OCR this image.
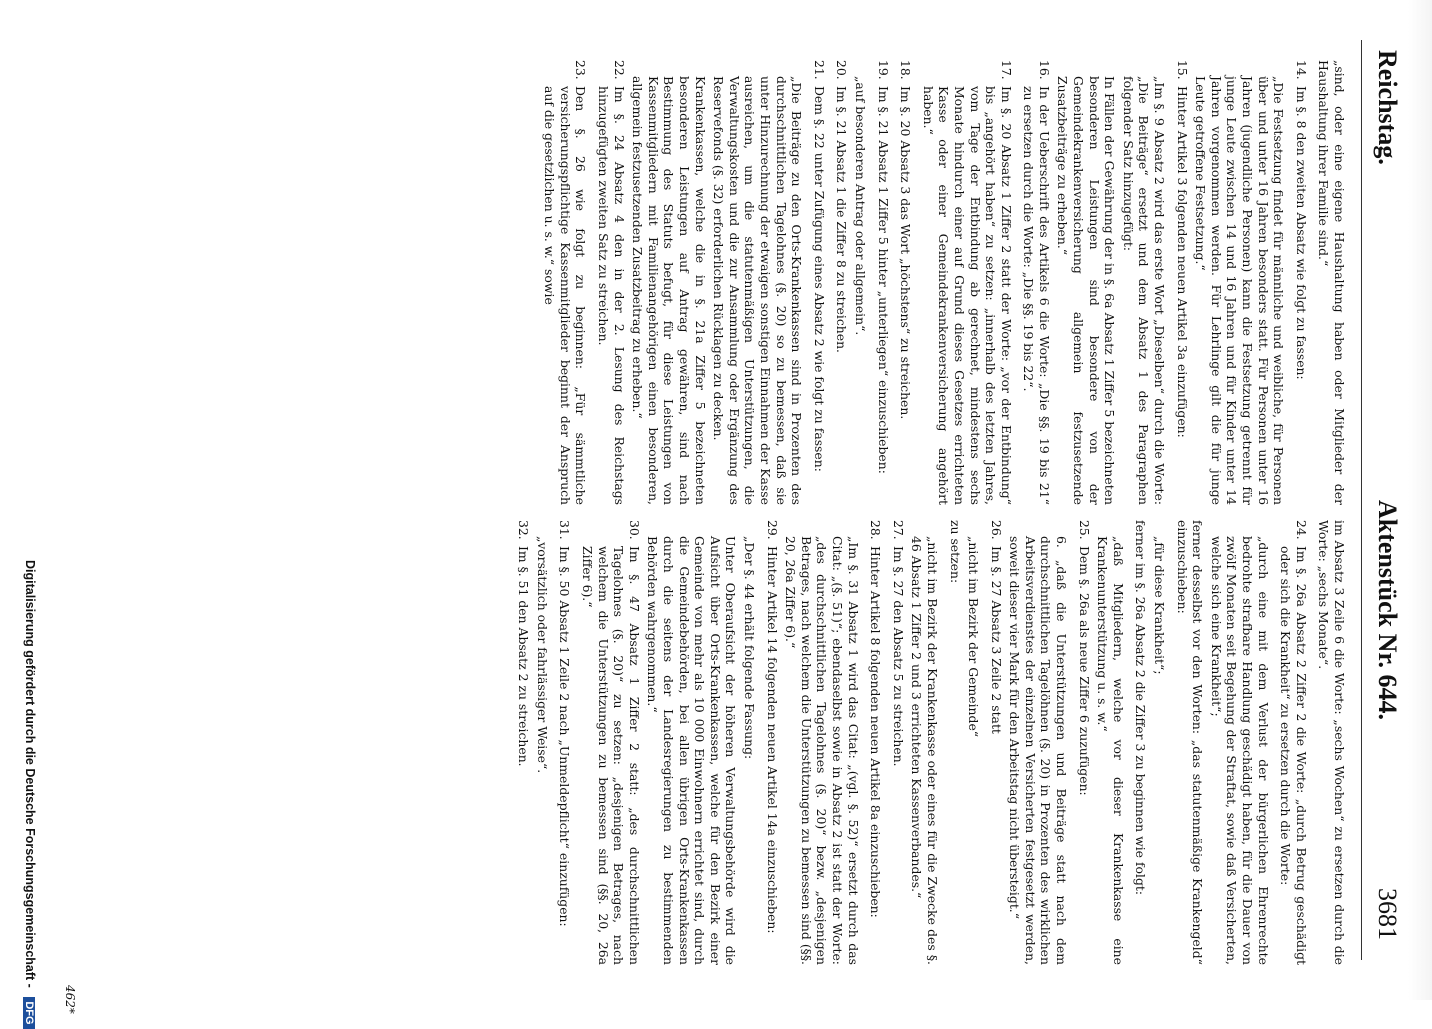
Reichstag.
Aktenstück Nr. 644.
3681
„sind, oder eine eigene Haushaltung haben oder Mitglieder der Haushaltung ihrer Familie sind.“
14.
Im §. 8 den zweiten Absatz wie folgt zu fassen:
„Die Festsetzung findet für männliche und weibliche, für Personen über und unter 16 Jahren besonders statt. Für Personen unter 16 Jahren (jugendliche Personen) kann die Festsetzung getrennt für junge Leute zwischen 14 und 16 Jahren und für Kinder unter 14 Jahren vorgenommen werden. Für Lehrlinge gilt die für junge Leute getroffene Festsetzung.“
15.
Hinter Artikel 3 folgenden neuen Artikel 3a einzufügen:
„Im §. 9 Absatz 2 wird das erste Wort „Dieselben“ durch die Worte: „Die Beiträge“ ersetzt und dem Absatz 1 des Paragraphen folgender Satz hinzugefügt:
In Fällen der Gewährung der in §. 6a Absatz 1 Ziffer 5 bezeichneten besonderen Leistungen sind besondere von der Gemeindekrankenversicherung allgemein festzusetzende Zusatzbeiträge zu erheben.“
16.
In der Ueberschrift des Artikels 6 die Worte: „Die §§. 19 bis 21“ zu ersetzen durch die Worte: „Die §§. 19 bis 22“.
17.
Im §. 20 Absatz 1 Ziffer 2 statt der Worte: „vor der Entbindung“ bis „angehört haben“ zu setzen: „innerhalb des letzten Jahres, vom Tage der Entbindung ab gerechnet, mindestens sechs Monate hindurch einer auf Grund dieses Gesetzes errichteten Kasse oder einer Gemeindekrankenversicherung angehört haben.“
18.
Im §. 20 Absatz 3 das Wort „höchstens“ zu streichen.
19.
Im §. 21 Absatz 1 Ziffer 5 hinter „unterliegen“ einzuschieben:
„auf besonderen Antrag oder allgemein“.
20.
Im §. 21 Absatz 1 die Ziffer 8 zu streichen.
21.
Dem §. 22 unter Zufügung eines Absatz 2 wie folgt zu fassen:
„Die Beiträge zu den Orts-Krankenkassen sind in Prozenten des durchschnittlichen Tagelohnes (§. 20) so zu bemessen, daß sie unter Hinzurechnung der etwaigen sonstigen Einnahmen der Kasse ausreichen, um die statutenmäßigen Unterstützungen, die Verwaltungskosten und die zur Ansammlung oder Ergänzung des Reservefonds (§. 32) erforderlichen Rücklagen zu decken.
Krankenkassen, welche die in §. 21a Ziffer 5 bezeichneten besonderen Leistungen auf Antrag gewähren, sind nach Bestimmung des Statuts befugt, für diese Leistungen von Kassenmitgliedern mit Familienangehörigen einen besonderen, allgemein festzusetzenden Zusatzbeitrag zu erheben.“
22.
Im §. 24 Absatz 4 den in der 2. Lesung des Reichstags hinzugefügten zweiten Satz zu streichen.
23.
Den §. 26 wie folgt zu beginnen: „Für sämmtliche versicherungspflichtige Kassenmitglieder beginnt der Anspruch auf die gesetzlichen u. s. w.“ sowie
im Absatz 3 Zeile 6 die Worte: „sechs Wochen“ zu ersetzen durch die Worte: „sechs Monate“.
24.
Im §. 26a Absatz 2 Ziffer 2 die Worte: „durch Betrug geschädigt oder sich die Krankheit“ zu ersetzen durch die Worte:
„durch eine mit dem Verlust der bürgerlichen Ehrenrechte bedrohte strafbare Handlung geschädigt haben, für die Dauer von zwölf Monaten seit Begehung der Straftat, sowie daß Versicherten, welche sich eine Krankheit“;
ferner desselbst vor den Worten: „das statutenmäßige Krankengeld“ einzuschieben:
„für diese Krankheit“;
ferner im §. 26a Absatz 2 die Ziffer 3 zu beginnen wie folgt:
„daß Mitgliedern, welche vor dieser Krankenkasse eine Krankenunterstützung u. s. w.“
25.
Dem §. 26a als neue Ziffer 6 zuzufügen:
6. „daß die Unterstützungen und Beiträge statt nach dem durchschnittlichen Tagelöhnen (§. 20) in Prozenten des wirklichen Arbeitsverdienstes der einzelnen Versicherten festgesetzt werden, soweit dieser vier Mark für den Arbeitstag nicht übersteigt.“
26.
Im §. 27 Absatz 3 Zeile 2 statt
„nicht im Bezirk der Gemeinde“
zu setzen:
„nicht im Bezirk der Krankenkasse oder eines für die Zwecke des §. 46 Absatz 1 Ziffer 2 und 3 errichteten Kassenverbandes.“
27.
Im §. 27 den Absatz 5 zu streichen.
28.
Hinter Artikel 8 folgenden neuen Artikel 8a einzuschieben:
„Im §. 31 Absatz 1 wird das Citat: „(vgl. §. 52)“ ersetzt durch das Citat: „(§. 51)“; ebendaselbst sowie in Absatz 2 ist statt der Worte: „des durchschnittlichen Tagelohnes (§. 20)“ bezw. „desjenigen Betrages, nach welchem die Unterstützungen zu bemessen sind (§§. 20, 26a Ziffer 6).“
29.
Hinter Artikel 14 folgenden neuen Artikel 14a einzuschieben:
„Der §. 44 erhält folgende Fassung:
Unter Oberaufsicht der höheren Verwaltungsbehörde wird die Aufsicht über Orts-Krankenkassen, welche für den Bezirk einer Gemeinde von mehr als 10 000 Einwohnern errichtet sind, durch die Gemeindebehörden, bei allen übrigen Orts-Krankenkassen durch die seitens der Landesregierungen zu bestimmenden Behörden wahrgenommen.“
30.
Im §. 47 Absatz 1 Ziffer 2 statt: „des durchschnittlichen Tagelohnes (§. 20)“ zu setzen: „desjenigen Betrages, nach welchem die Unterstützungen zu bemessen sind (§§. 20, 26a Ziffer 6).“
31.
Im §. 50 Absatz 1 Zeile 2 nach „Unmeldepflicht“ einzufügen:
„vorsätzlich oder fahrlässiger Weise“.
32.
Im §. 51 den Absatz 2 zu streichen.
462*
Digitalisierung gefördert durch die Deutsche Forschungsgemeinschaft - DFG
